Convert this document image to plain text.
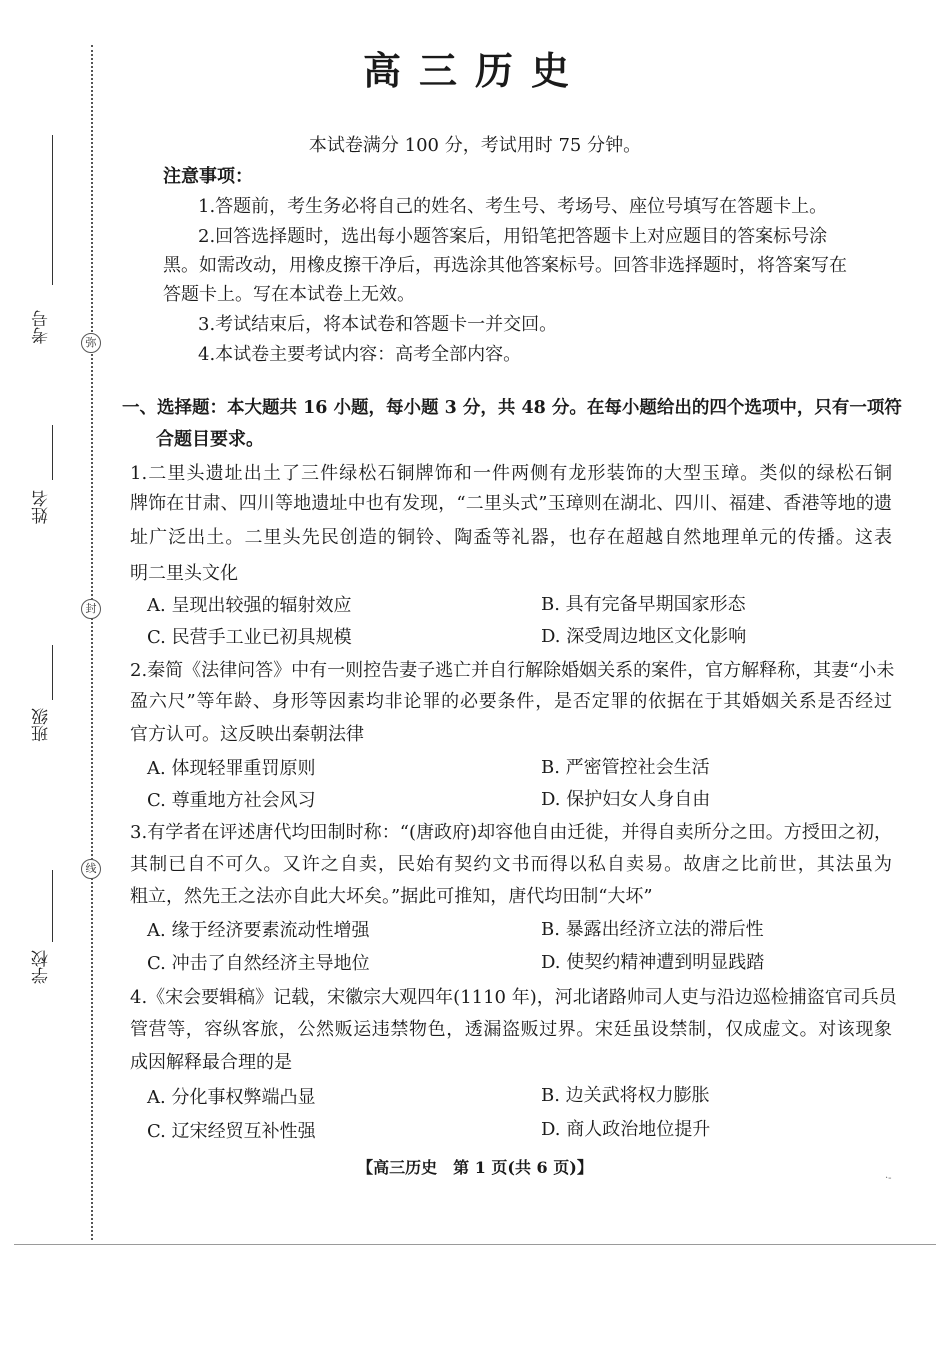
弥
封
线
考号
姓名
班级
学校
高三历史
本试卷满分 100 分，考试用时 75 分钟。
注意事项：
1.答题前，考生务必将自己的姓名、考生号、考场号、座位号填写在答题卡上。
2.回答选择题时，选出每小题答案后，用铅笔把答题卡上对应题目的答案标号涂
黑。如需改动，用橡皮擦干净后，再选涂其他答案标号。回答非选择题时，将答案写在
答题卡上。写在本试卷上无效。
3.考试结束后，将本试卷和答题卡一并交回。
4.本试卷主要考试内容：高考全部内容。
一、选择题：本大题共 16 小题，每小题 3 分，共 48 分。在每小题给出的四个选项中，只有一项符
合题目要求。
1.二里头遗址出土了三件绿松石铜牌饰和一件两侧有龙形装饰的大型玉璋。类似的绿松石铜
牌饰在甘肃、四川等地遗址中也有发现，“二里头式”玉璋则在湖北、四川、福建、香港等地的遗
址广泛出土。二里头先民创造的铜铃、陶盉等礼器，也存在超越自然地理单元的传播。这表
明二里头文化
A. 呈现出较强的辐射效应	B. 具有完备早期国家形态
C. 民营手工业已初具规模	D. 深受周边地区文化影响
2.秦简《法律问答》中有一则控告妻子逃亡并自行解除婚姻关系的案件，官方解释称，其妻“小未
盈六尺”等年龄、身形等因素均非论罪的必要条件，是否定罪的依据在于其婚姻关系是否经过
官方认可。这反映出秦朝法律
A. 体现轻罪重罚原则	B. 严密管控社会生活
C. 尊重地方社会风习	D. 保护妇女人身自由
3.有学者在评述唐代均田制时称：“(唐政府)却容他自由迁徙，并得自卖所分之田。方授田之初，
其制已自不可久。又许之自卖，民始有契约文书而得以私自卖易。故唐之比前世，其法虽为
粗立，然先王之法亦自此大坏矣。”据此可推知，唐代均田制“大坏”
A. 缘于经济要素流动性增强	B. 暴露出经济立法的滞后性
C. 冲击了自然经济主导地位	D. 使契约精神遭到明显践踏
4.《宋会要辑稿》记载，宋徽宗大观四年(1110 年)，河北诸路帅司人吏与沿边巡检捕盗官司兵员
管营等，容纵客旅，公然贩运违禁物色，透漏盗贩过界。宋廷虽设禁制，仅成虚文。对该现象
成因解释最合理的是
A. 分化事权弊端凸显	B. 边关武将权力膨胀
C. 辽宋经贸互补性强	D. 商人政治地位提升
【高三历史　第 1 页(共 6 页)】
·-
